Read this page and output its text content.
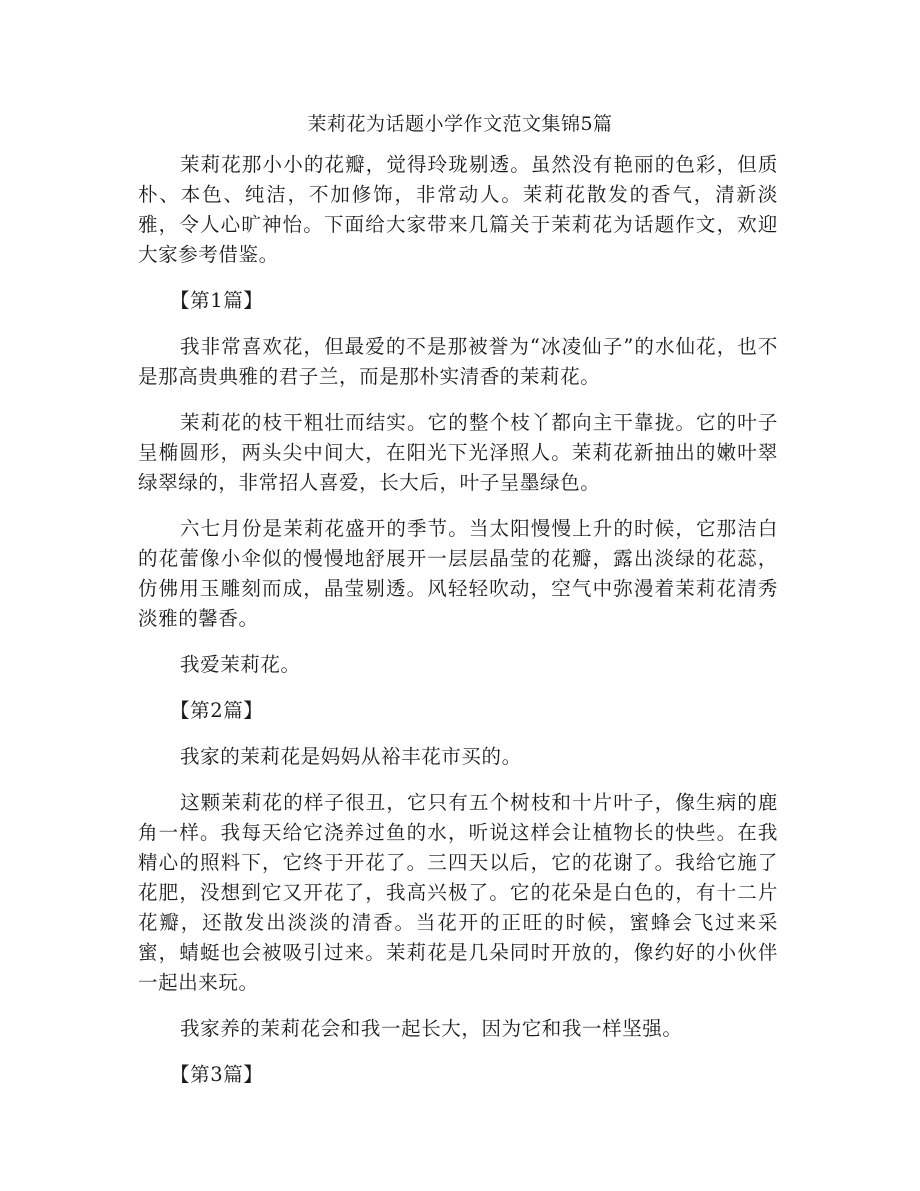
茉莉花为话题小学作文范文集锦5篇

茉莉花那小小的花瓣，觉得玲珑剔透。虽然没有艳丽的色彩，但质朴、本色、纯洁，不加修饰，非常动人。茉莉花散发的香气，清新淡雅，令人心旷神怡。下面给大家带来几篇关于茉莉花为话题作文，欢迎大家参考借鉴。

【第1篇】

我非常喜欢花，但最爱的不是那被誉为“冰凌仙子”的水仙花，也不是那高贵典雅的君子兰，而是那朴实清香的茉莉花。

茉莉花的枝干粗壮而结实。它的整个枝丫都向主干靠拢。它的叶子呈椭圆形，两头尖中间大，在阳光下光泽照人。茉莉花新抽出的嫩叶翠绿翠绿的，非常招人喜爱，长大后，叶子呈墨绿色。

六七月份是茉莉花盛开的季节。当太阳慢慢上升的时候，它那洁白的花蕾像小伞似的慢慢地舒展开一层层晶莹的花瓣，露出淡绿的花蕊，仿佛用玉雕刻而成，晶莹剔透。风轻轻吹动，空气中弥漫着茉莉花清秀淡雅的馨香。

我爱茉莉花。

【第2篇】

我家的茉莉花是妈妈从裕丰花市买的。

这颗茉莉花的样子很丑，它只有五个树枝和十片叶子，像生病的鹿角一样。我每天给它浇养过鱼的水，听说这样会让植物长的快些。在我精心的照料下，它终于开花了。三四天以后，它的花谢了。我给它施了花肥，没想到它又开花了，我高兴极了。它的花朵是白色的，有十二片花瓣，还散发出淡淡的清香。当花开的正旺的时候，蜜蜂会飞过来采蜜，蜻蜓也会被吸引过来。茉莉花是几朵同时开放的，像约好的小伙伴一起出来玩。

我家养的茉莉花会和我一起长大，因为它和我一样坚强。

【第3篇】
